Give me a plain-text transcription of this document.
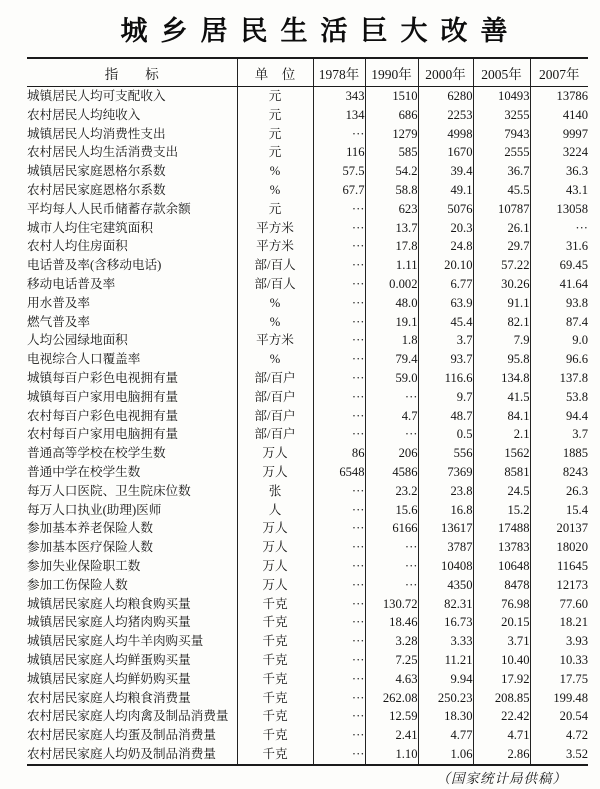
城乡居民生活巨大改善
指　　标	单　位	1978年	1990年	2000年	2005年	2007年
城镇居民人均可支配收入	元	343	1510	6280	10493	13786
农村居民人均纯收入	元	134	686	2253	3255	4140
城镇居民人均消费性支出	元	···	1279	4998	7943	9997
农村居民人均生活消费支出	元	116	585	1670	2555	3224
城镇居民家庭恩格尔系数	%	57.5	54.2	39.4	36.7	36.3
农村居民家庭恩格尔系数	%	67.7	58.8	49.1	45.5	43.1
平均每人人民币储蓄存款余额	元	···	623	5076	10787	13058
城市人均住宅建筑面积	平方米	···	13.7	20.3	26.1	···
农村人均住房面积	平方米	···	17.8	24.8	29.7	31.6
电话普及率(含移动电话)	部/百人	···	1.11	20.10	57.22	69.45
移动电话普及率	部/百人	···	0.002	6.77	30.26	41.64
用水普及率	%	···	48.0	63.9	91.1	93.8
燃气普及率	%	···	19.1	45.4	82.1	87.4
人均公园绿地面积	平方米	···	1.8	3.7	7.9	9.0
电视综合人口覆盖率	%	···	79.4	93.7	95.8	96.6
城镇每百户彩色电视拥有量	部/百户	···	59.0	116.6	134.8	137.8
城镇每百户家用电脑拥有量	部/百户	···	···	9.7	41.5	53.8
农村每百户彩色电视拥有量	部/百户	···	4.7	48.7	84.1	94.4
农村每百户家用电脑拥有量	部/百户	···	···	0.5	2.1	3.7
普通高等学校在校学生数	万人	86	206	556	1562	1885
普通中学在校学生数	万人	6548	4586	7369	8581	8243
每万人口医院、卫生院床位数	张	···	23.2	23.8	24.5	26.3
每万人口执业(助理)医师	人	···	15.6	16.8	15.2	15.4
参加基本养老保险人数	万人	···	6166	13617	17488	20137
参加基本医疗保险人数	万人	···	···	3787	13783	18020
参加失业保险职工数	万人	···	···	10408	10648	11645
参加工伤保险人数	万人	···	···	4350	8478	12173
城镇居民家庭人均粮食购买量	千克	···	130.72	82.31	76.98	77.60
城镇居民家庭人均猪肉购买量	千克	···	18.46	16.73	20.15	18.21
城镇居民家庭人均牛羊肉购买量	千克	···	3.28	3.33	3.71	3.93
城镇居民家庭人均鲜蛋购买量	千克	···	7.25	11.21	10.40	10.33
城镇居民家庭人均鲜奶购买量	千克	···	4.63	9.94	17.92	17.75
农村居民家庭人均粮食消费量	千克	···	262.08	250.23	208.85	199.48
农村居民家庭人均肉禽及制品消费量	千克	···	12.59	18.30	22.42	20.54
农村居民家庭人均蛋及制品消费量	千克	···	2.41	4.77	4.71	4.72
农村居民家庭人均奶及制品消费量	千克	···	1.10	1.06	2.86	3.52
（国家统计局供稿）
